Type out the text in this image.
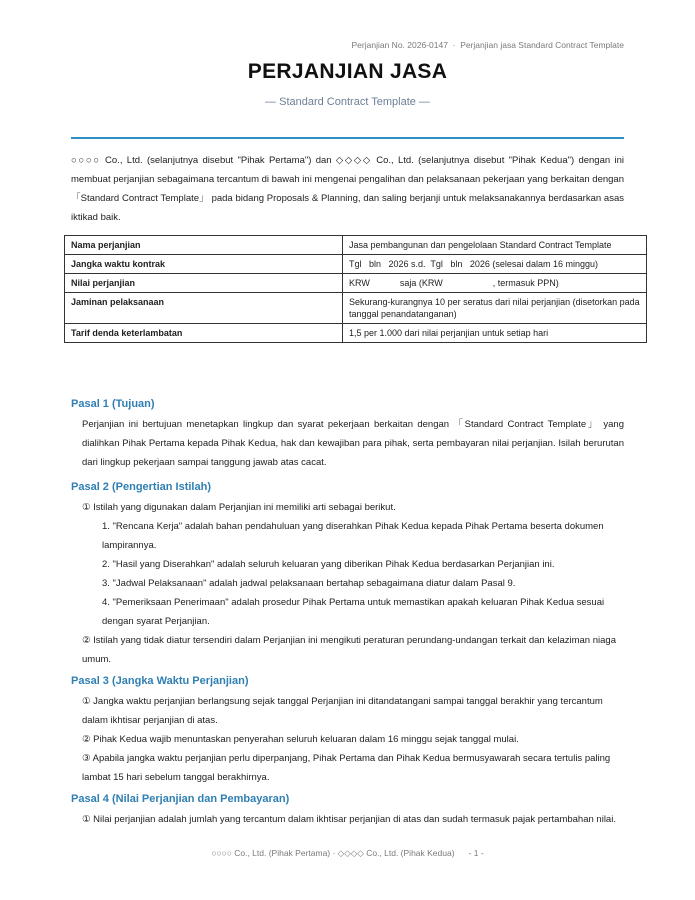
Perjanjian No. 2026-0147  ·  Perjanjian jasa Standard Contract Template
PERJANJIAN JASA
— Standard Contract Template —

○○○○ Co., Ltd. (selanjutnya disebut "Pihak Pertama") dan ◇◇◇◇ Co., Ltd. (selanjutnya disebut "Pihak Kedua") dengan ini membuat perjanjian sebagaimana tercantum di bawah ini mengenai pengalihan dan pelaksanaan pekerjaan yang berkaitan dengan 「Standard Contract Template」 pada bidang Proposals & Planning, dan saling berjanji untuk melaksanakannya berdasarkan asas iktikad baik.

Nama perjanjian	Jasa pembangunan dan pengelolaan Standard Contract Template
Jangka waktu kontrak	Tgl   bln   2026 s.d.  Tgl   bln   2026 (selesai dalam 16 minggu)
Nilai perjanjian	KRW            saja (KRW                    , termasuk PPN)
Jaminan pelaksanaan	Sekurang-kurangnya 10 per seratus dari nilai perjanjian (disetorkan pada tanggal penandatanganan)
Tarif denda keterlambatan	1,5 per 1.000 dari nilai perjanjian untuk setiap hari
Pasal 1 (Tujuan)

Perjanjian ini bertujuan menetapkan lingkup dan syarat pekerjaan berkaitan dengan 「Standard Contract Template」 yang dialihkan Pihak Pertama kepada Pihak Kedua, hak dan kewajiban para pihak, serta pembayaran nilai perjanjian. Isilah berurutan dari lingkup pekerjaan sampai tanggung jawab atas cacat.

Pasal 2 (Pengertian Istilah)

① Istilah yang digunakan dalam Perjanjian ini memiliki arti sebagai berikut.

1. "Rencana Kerja" adalah bahan pendahuluan yang diserahkan Pihak Kedua kepada Pihak Pertama beserta dokumen lampirannya.

2. "Hasil yang Diserahkan" adalah seluruh keluaran yang diberikan Pihak Kedua berdasarkan Perjanjian ini.

3. "Jadwal Pelaksanaan" adalah jadwal pelaksanaan bertahap sebagaimana diatur dalam Pasal 9.

4. "Pemeriksaan Penerimaan" adalah prosedur Pihak Pertama untuk memastikan apakah keluaran Pihak Kedua sesuai dengan syarat Perjanjian.

② Istilah yang tidak diatur tersendiri dalam Perjanjian ini mengikuti peraturan perundang-undangan terkait dan kelaziman niaga umum.

Pasal 3 (Jangka Waktu Perjanjian)

① Jangka waktu perjanjian berlangsung sejak tanggal Perjanjian ini ditandatangani sampai tanggal berakhir yang tercantum dalam ikhtisar perjanjian di atas.

② Pihak Kedua wajib menuntaskan penyerahan seluruh keluaran dalam 16 minggu sejak tanggal mulai.

③ Apabila jangka waktu perjanjian perlu diperpanjang, Pihak Pertama dan Pihak Kedua bermusyawarah secara tertulis paling lambat 15 hari sebelum tanggal berakhirnya.

Pasal 4 (Nilai Perjanjian dan Pembayaran)

① Nilai perjanjian adalah jumlah yang tercantum dalam ikhtisar perjanjian di atas dan sudah termasuk pajak pertambahan nilai.

○○○○ Co., Ltd. (Pihak Pertama) · ◇◇◇◇ Co., Ltd. (Pihak Kedua) - 1 -
